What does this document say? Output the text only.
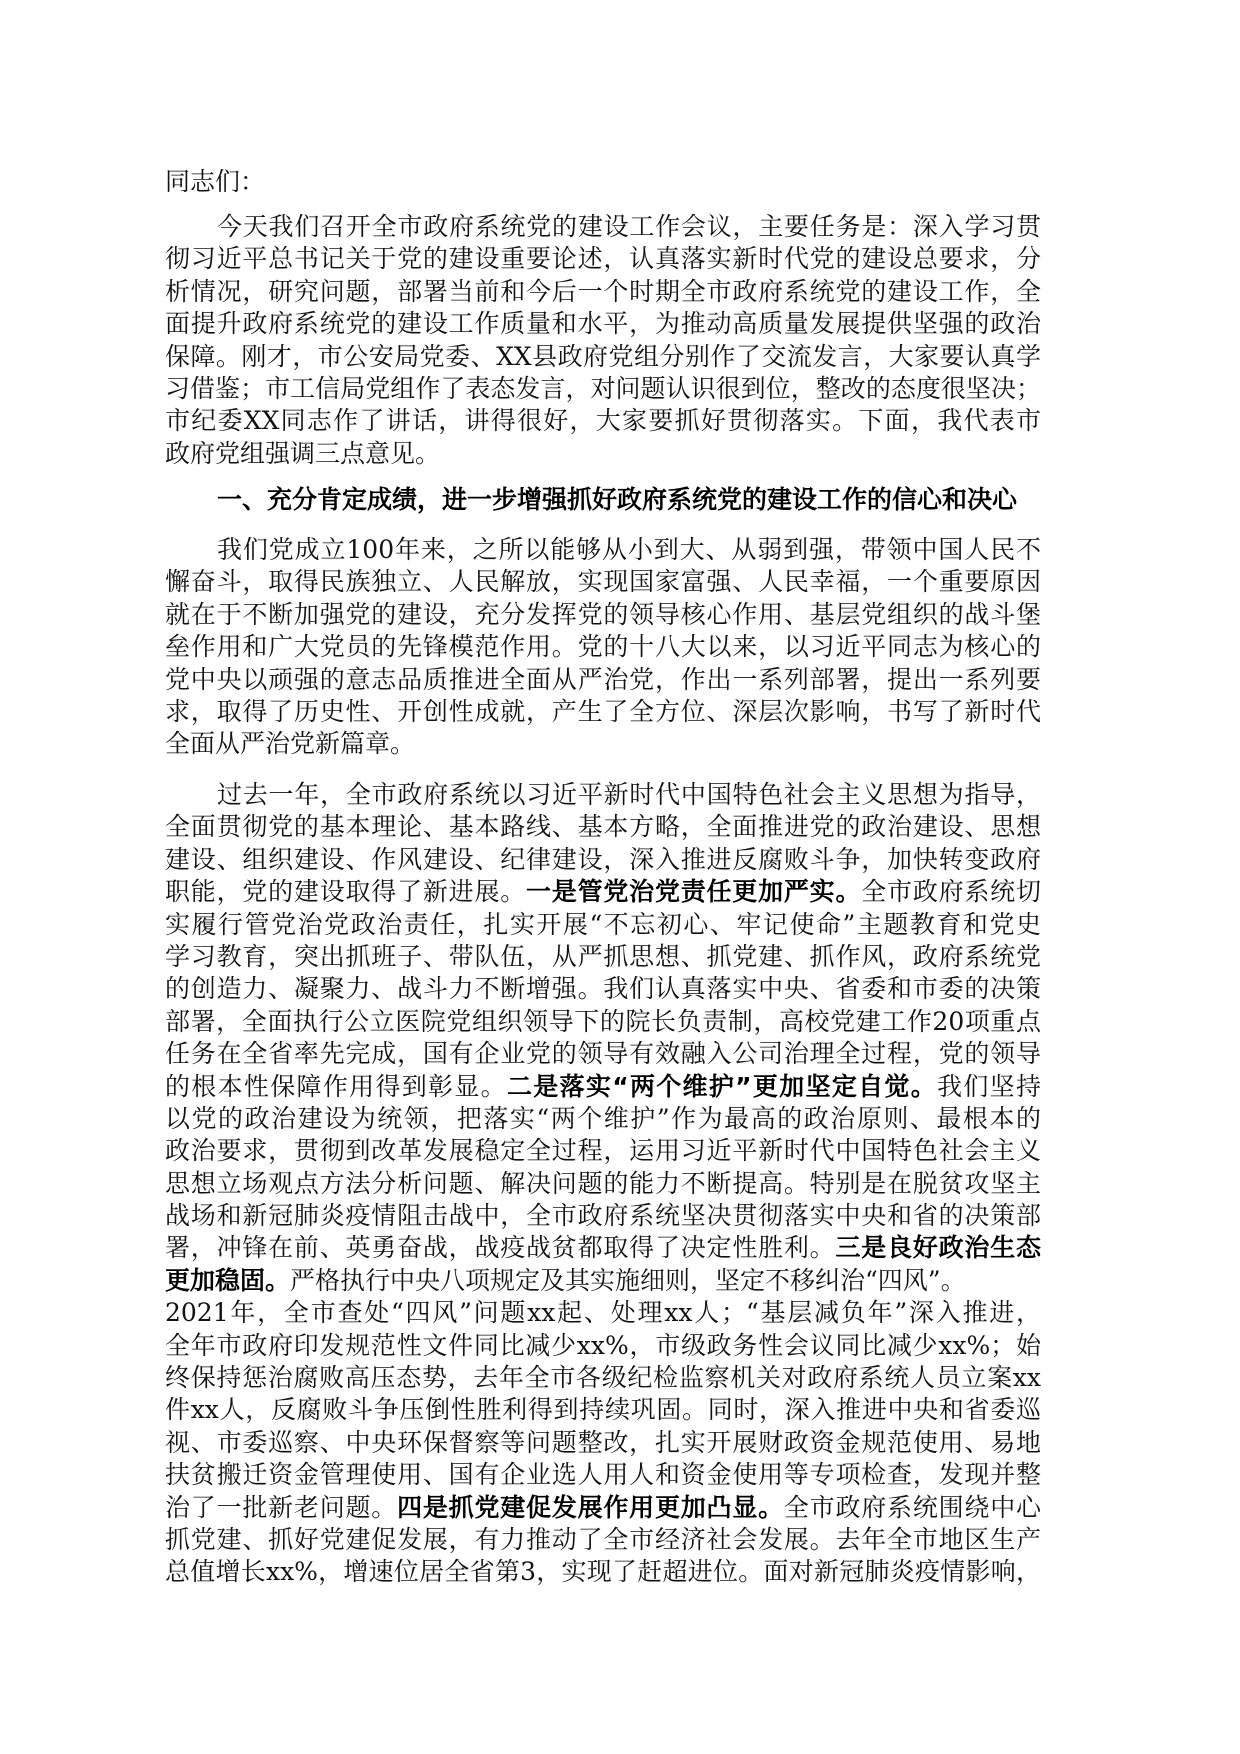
同志们：
今天我们召开全市政府系统党的建设工作会议，主要任务是：深入学习贯
彻习近平总书记关于党的建设重要论述，认真落实新时代党的建设总要求，分
析情况，研究问题，部署当前和今后一个时期全市政府系统党的建设工作，全
面提升政府系统党的建设工作质量和水平，为推动高质量发展提供坚强的政治
保障。刚才，市公安局党委、XX县政府党组分别作了交流发言，大家要认真学
习借鉴；市工信局党组作了表态发言，对问题认识很到位，整改的态度很坚决；
市纪委XX同志作了讲话，讲得很好，大家要抓好贯彻落实。下面，我代表市
政府党组强调三点意见。
一、充分肯定成绩，进一步增强抓好政府系统党的建设工作的信心和决心
我们党成立100年来，之所以能够从小到大、从弱到强，带领中国人民不
懈奋斗，取得民族独立、人民解放，实现国家富强、人民幸福，一个重要原因
就在于不断加强党的建设，充分发挥党的领导核心作用、基层党组织的战斗堡
垒作用和广大党员的先锋模范作用。党的十八大以来，以习近平同志为核心的
党中央以顽强的意志品质推进全面从严治党，作出一系列部署，提出一系列要
求，取得了历史性、开创性成就，产生了全方位、深层次影响，书写了新时代
全面从严治党新篇章。
过去一年，全市政府系统以习近平新时代中国特色社会主义思想为指导，
全面贯彻党的基本理论、基本路线、基本方略，全面推进党的政治建设、思想
建设、组织建设、作风建设、纪律建设，深入推进反腐败斗争，加快转变政府
职能，党的建设取得了新进展。一是管党治党责任更加严实。全市政府系统切
实履行管党治党政治责任，扎实开展“不忘初心、牢记使命”主题教育和党史
学习教育，突出抓班子、带队伍，从严抓思想、抓党建、抓作风，政府系统党
的创造力、凝聚力、战斗力不断增强。我们认真落实中央、省委和市委的决策
部署，全面执行公立医院党组织领导下的院长负责制，高校党建工作20项重点
任务在全省率先完成，国有企业党的领导有效融入公司治理全过程，党的领导
的根本性保障作用得到彰显。二是落实“两个维护”更加坚定自觉。我们坚持
以党的政治建设为统领，把落实“两个维护”作为最高的政治原则、最根本的
政治要求，贯彻到改革发展稳定全过程，运用习近平新时代中国特色社会主义
思想立场观点方法分析问题、解决问题的能力不断提高。特别是在脱贫攻坚主
战场和新冠肺炎疫情阻击战中，全市政府系统坚决贯彻落实中央和省的决策部
署，冲锋在前、英勇奋战，战疫战贫都取得了决定性胜利。三是良好政治生态
更加稳固。严格执行中央八项规定及其实施细则，坚定不移纠治“四风”。
2021年，全市查处“四风”问题xx起、处理xx人；“基层减负年”深入推进，
全年市政府印发规范性文件同比减少xx%，市级政务性会议同比减少xx%；始
终保持惩治腐败高压态势，去年全市各级纪检监察机关对政府系统人员立案xx
件xx人，反腐败斗争压倒性胜利得到持续巩固。同时，深入推进中央和省委巡
视、市委巡察、中央环保督察等问题整改，扎实开展财政资金规范使用、易地
扶贫搬迁资金管理使用、国有企业选人用人和资金使用等专项检查，发现并整
治了一批新老问题。四是抓党建促发展作用更加凸显。全市政府系统围绕中心
抓党建、抓好党建促发展，有力推动了全市经济社会发展。去年全市地区生产
总值增长xx%，增速位居全省第3，实现了赶超进位。面对新冠肺炎疫情影响，
